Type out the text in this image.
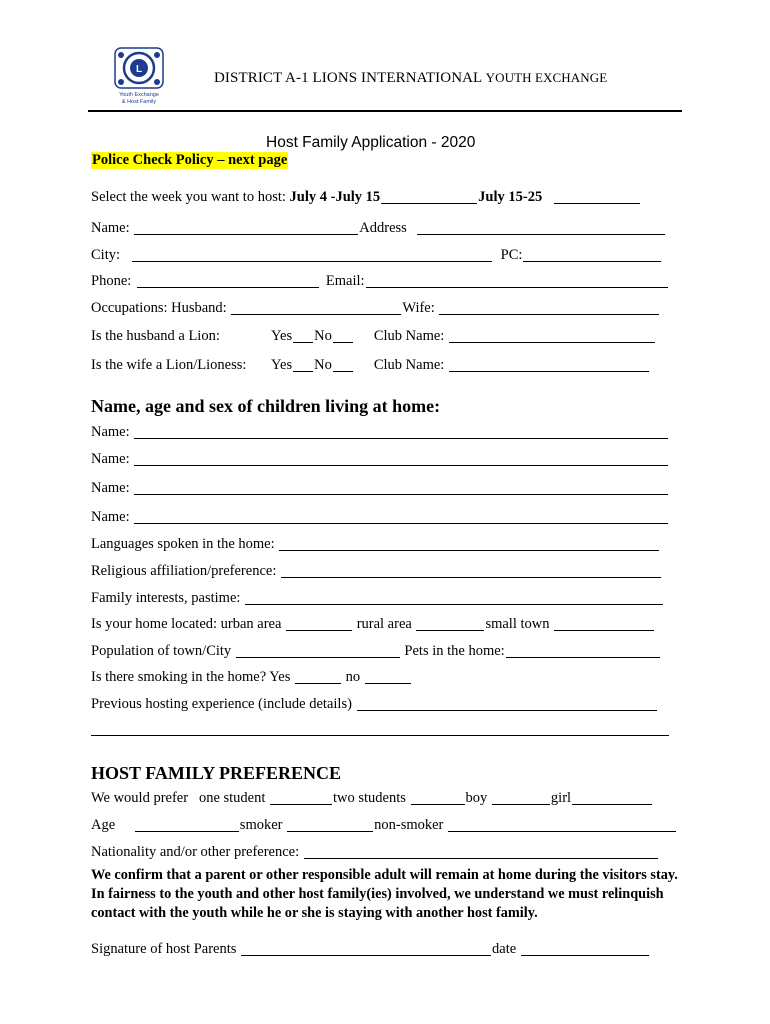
L
Youth Exchange
& Host Family
DISTRICT A-1 LIONS INTERNATIONAL YOUTH EXCHANGE
Host Family Application - 2020
Police Check Policy – next page
Select the week you want to host: July 4 -July 15	July 15-25
Name:	Address
City:	PC:
Phone:	Email:
Occupations: Husband:	Wife:
Is the husband a Lion:	Yes No	Club Name:
Is the wife a Lion/Lioness:	Yes No	Club Name:
Name, age and sex of children living at home:
Name:
Name:
Name:
Name:
Languages spoken in the home:
Religious affiliation/preference:
Family interests, pastime:
Is your home located: urban area	rural area	small town
Population of town/City	Pets in the home:
Is there smoking in the home? Yes	no
Previous hosting experience (include details)
HOST FAMILY PREFERENCE
We would prefer   one student	two students	boy	girl
Age	smoker	non-smoker
Nationality and/or other preference:
We confirm that a parent or other responsible adult will remain at home during the visitors stay. In fairness to the youth and other host family(ies) involved, we understand we must relinquish contact with the youth while he or she is staying with another host family.
Signature of host Parents	date
